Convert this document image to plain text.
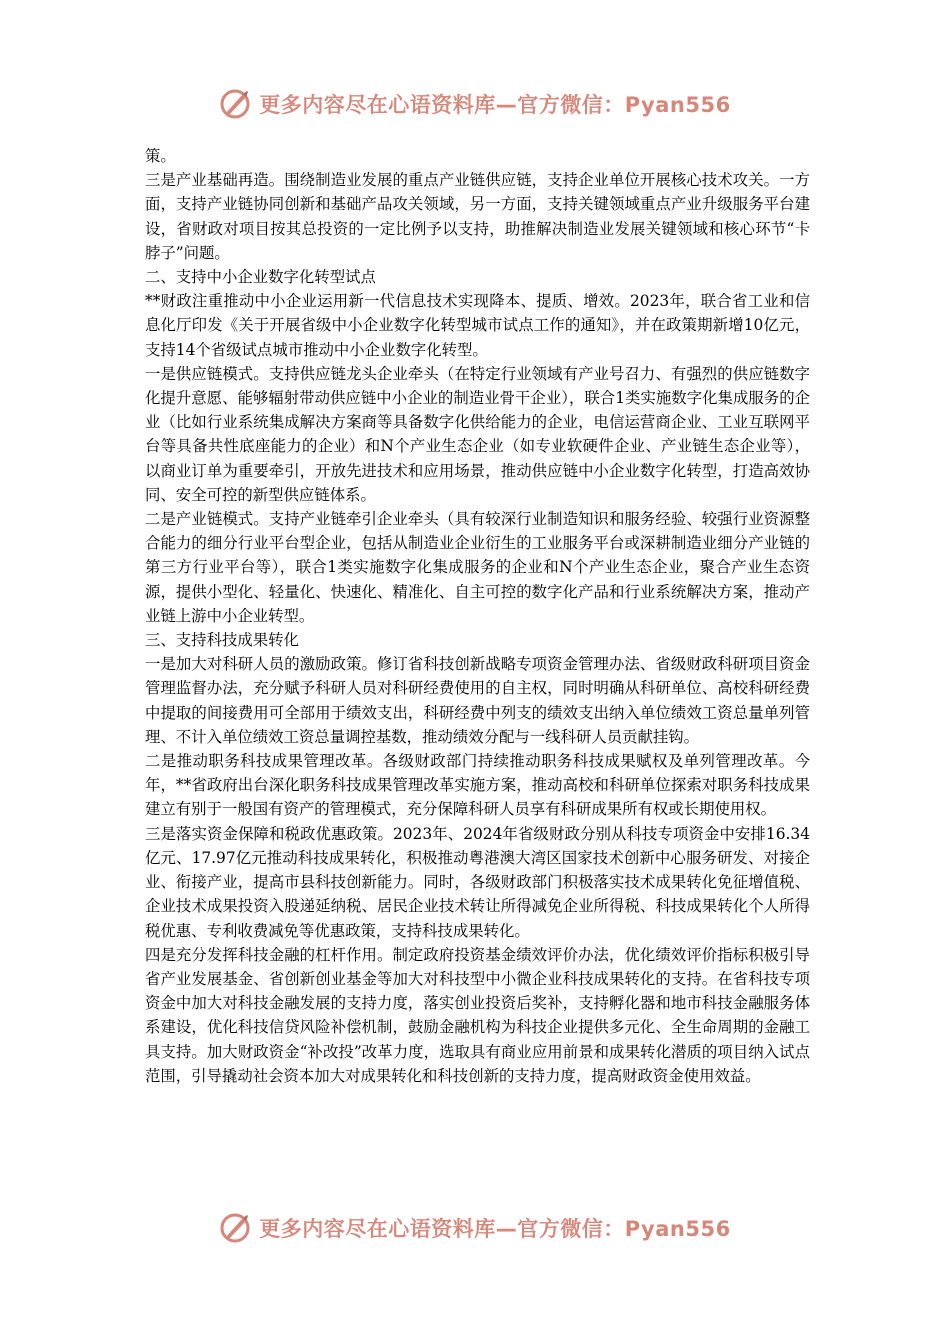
更多内容尽在心语资料库—官方微信：Pyan556

策。

三是产业基础再造。围绕制造业发展的重点产业链供应链，支持企业单位开展核心技术攻关。一方面，支持产业链协同创新和基础产品攻关领域，另一方面，支持关键领域重点产业升级服务平台建设，省财政对项目按其总投资的一定比例予以支持，助推解决制造业发展关键领域和核心环节“卡脖子”问题。

二、支持中小企业数字化转型试点

**财政注重推动中小企业运用新一代信息技术实现降本、提质、增效。2023年，联合省工业和信息化厅印发《关于开展省级中小企业数字化转型城市试点工作的通知》，并在政策期新增10亿元，支持14个省级试点城市推动中小企业数字化转型。

一是供应链模式。支持供应链龙头企业牵头（在特定行业领域有产业号召力、有强烈的供应链数字化提升意愿、能够辐射带动供应链中小企业的制造业骨干企业），联合1类实施数字化集成服务的企业（比如行业系统集成解决方案商等具备数字化供给能力的企业，电信运营商企业、工业互联网平台等具备共性底座能力的企业）和N个产业生态企业（如专业软硬件企业、产业链生态企业等），以商业订单为重要牵引，开放先进技术和应用场景，推动供应链中小企业数字化转型，打造高效协同、安全可控的新型供应链体系。

二是产业链模式。支持产业链牵引企业牵头（具有较深行业制造知识和服务经验、较强行业资源整合能力的细分行业平台型企业，包括从制造业企业衍生的工业服务平台或深耕制造业细分产业链的第三方行业平台等），联合1类实施数字化集成服务的企业和N个产业生态企业，聚合产业生态资源，提供小型化、轻量化、快速化、精准化、自主可控的数字化产品和行业系统解决方案，推动产业链上游中小企业转型。

三、支持科技成果转化

一是加大对科研人员的激励政策。修订省科技创新战略专项资金管理办法、省级财政科研项目资金管理监督办法，充分赋予科研人员对科研经费使用的自主权，同时明确从科研单位、高校科研经费中提取的间接费用可全部用于绩效支出，科研经费中列支的绩效支出纳入单位绩效工资总量单列管理、不计入单位绩效工资总量调控基数，推动绩效分配与一线科研人员贡献挂钩。

二是推动职务科技成果管理改革。各级财政部门持续推动职务科技成果赋权及单列管理改革。今年，**省政府出台深化职务科技成果管理改革实施方案，推动高校和科研单位探索对职务科技成果建立有别于一般国有资产的管理模式，充分保障科研人员享有科研成果所有权或长期使用权。

三是落实资金保障和税政优惠政策。2023年、2024年省级财政分别从科技专项资金中安排16.34亿元、17.97亿元推动科技成果转化，积极推动粤港澳大湾区国家技术创新中心服务研发、对接企业、衔接产业，提高市县科技创新能力。同时，各级财政部门积极落实技术成果转化免征增值税、企业技术成果投资入股递延纳税、居民企业技术转让所得减免企业所得税、科技成果转化个人所得税优惠、专利收费减免等优惠政策，支持科技成果转化。

四是充分发挥科技金融的杠杆作用。制定政府投资基金绩效评价办法，优化绩效评价指标积极引导省产业发展基金、省创新创业基金等加大对科技型中小微企业科技成果转化的支持。在省科技专项资金中加大对科技金融发展的支持力度，落实创业投资后奖补，支持孵化器和地市科技金融服务体系建设，优化科技信贷风险补偿机制，鼓励金融机构为科技企业提供多元化、全生命周期的金融工具支持。加大财政资金“补改投”改革力度，选取具有商业应用前景和成果转化潜质的项目纳入试点范围，引导撬动社会资本加大对成果转化和科技创新的支持力度，提高财政资金使用效益。

更多内容尽在心语资料库—官方微信：Pyan556
